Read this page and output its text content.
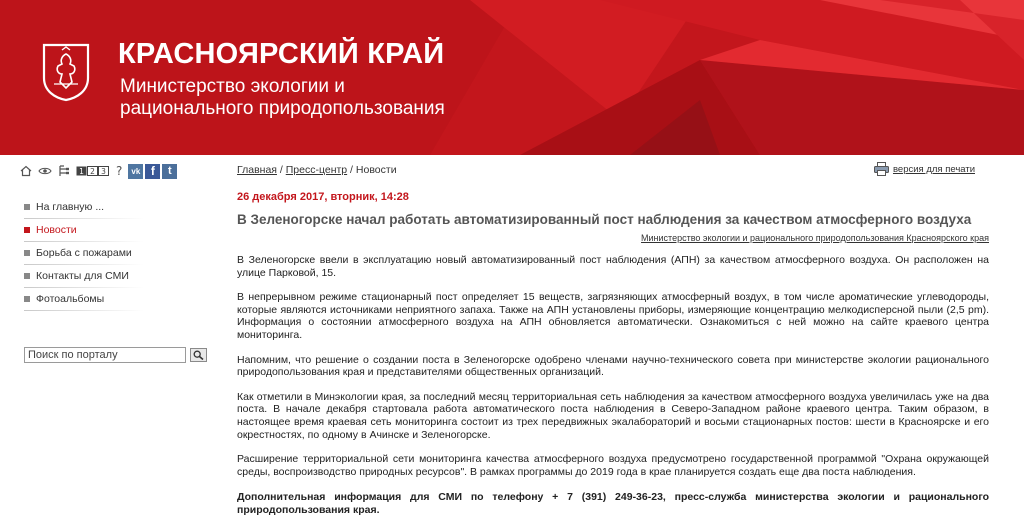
КРАСНОЯРСКИЙ КРАЙ
Министерство экологии и
рационального природопользования
1 2 3 ?	vk f	t
На главную ...
Новости
Борьба с пожарами
Контакты для СМИ
Фотоальбомы
Поиск по порталу
Главная / Пресс-центр / Новости	версия для печати
26 декабря 2017, вторник, 14:28
В Зеленогорске начал работать автоматизированный пост наблюдения за качеством атмосферного воздуха
Министерство экологии и рационального природопользования Красноярского края
В Зеленогорске ввели в эксплуатацию новый автоматизированный пост наблюдения (АПН) за качеством атмосферного воздуха. Он расположен на улице Парковой, 15.
В непрерывном режиме стационарный пост определяет 15 веществ, загрязняющих атмосферный воздух, в том числе ароматические углеводороды, которые являются источниками неприятного запаха. Также на АПН установлены приборы, измеряющие концентрацию мелкодисперсной пыли (2,5 pm). Информация о состоянии атмосферного воздуха на АПН обновляется автоматически. Ознакомиться с ней можно на сайте краевого центра мониторинга.
Напомним, что решение о создании поста в Зеленогорске одобрено членами научно-технического совета при министерстве экологии рационального природопользования края и представителями общественных организаций.
Как отметили в Минэкологии края, за последний месяц территориальная сеть наблюдения за качеством атмосферного воздуха увеличилась уже на два поста. В начале декабря стартовала работа автоматического поста наблюдения в Северо-Западном районе краевого центра. Таким образом, в настоящее время краевая сеть мониторинга состоит из трех передвижных экалабораторий и восьми стационарных постов: шести в Красноярске и его окрестностях, по одному в Ачинске и Зеленогорске.
Расширение территориальной сети мониторинга качества атмосферного воздуха предусмотрено государственной программой "Охрана окружающей среды, воспроизводство природных ресурсов". В рамках программы до 2019 года в крае планируется создать еще два поста наблюдения.
Дополнительная информация для СМИ по телефону + 7 (391) 249-36-23, пресс-служба министерства экологии и рационального природопользования края.
